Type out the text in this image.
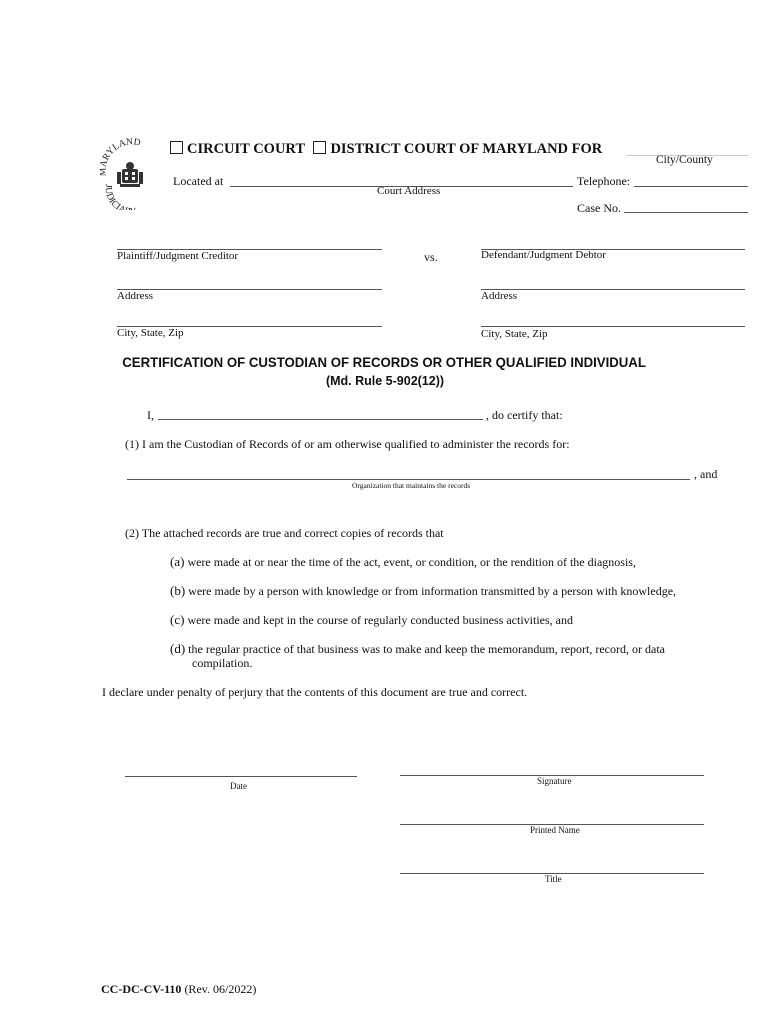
RYLAND
JUDICI
CIRCUIT COURT DISTRICT COURT OF MARYLAND FOR
City/County
Located at
Court Address
Telephone:
Case No.
Plaintiff/Judgment Creditor	vs.	Defendant/Judgment Debtor
Address	Address
City, State, Zip	City, State, Zip
CERTIFICATION OF CUSTODIAN OF RECORDS OR OTHER QUALIFIED INDIVIDUAL
(Md. Rule 5-902(12))
I,	, do certify that:
(1) I am the Custodian of Records of or am otherwise qualified to administer the records for:
, and
Organization that maintains the records
(2) The attached records are true and correct copies of records that
(a) were made at or near the time of the act, event, or condition, or the rendition of the diagnosis,
(b) were made by a person with knowledge or from information transmitted by a person with knowledge,
(c) were made and kept in the course of regularly conducted business activities, and
(d) the regular practice of that business was to make and keep the memorandum, report, record, or data
compilation.
I declare under penalty of perjury that the contents of this document are true and correct.
Date	Signature
Printed Name
Title
CC-DC-CV-110 (Rev. 06/2022)
